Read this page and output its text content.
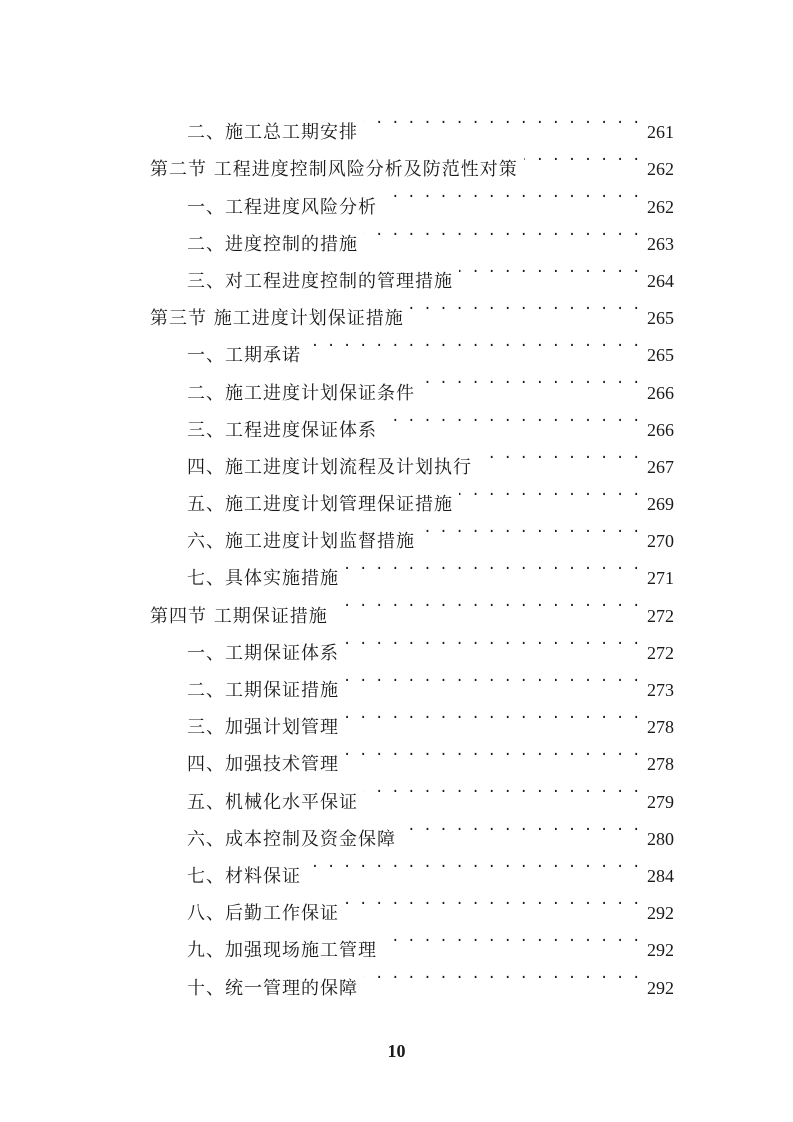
二、施工总工期安排 . . .	261
第二节 工程进度控制风险分析及防范性对策 . . .	262
一、工程进度风险分析 . . .	262
二、进度控制的措施 . . .	263
三、对工程进度控制的管理措施 . . .	264
第三节 施工进度计划保证措施 . . .	265
一、工期承诺 . . .	265
二、施工进度计划保证条件 . . .	266
三、工程进度保证体系 . . .	266
四、施工进度计划流程及计划执行 . . .	267
五、施工进度计划管理保证措施 . . .	269
六、施工进度计划监督措施 . . .	270
七、具体实施措施 . . .	271
第四节 工期保证措施 . . .	272
一、工期保证体系 . . .	272
二、工期保证措施 . . .	273
三、加强计划管理 . . .	278
四、加强技术管理 . . .	278
五、机械化水平保证 . . .	279
六、成本控制及资金保障 . . .	280
七、材料保证 . . .	284
八、后勤工作保证 . . .	292
九、加强现场施工管理 . . .	292
十、统一管理的保障 . . .	292
10
